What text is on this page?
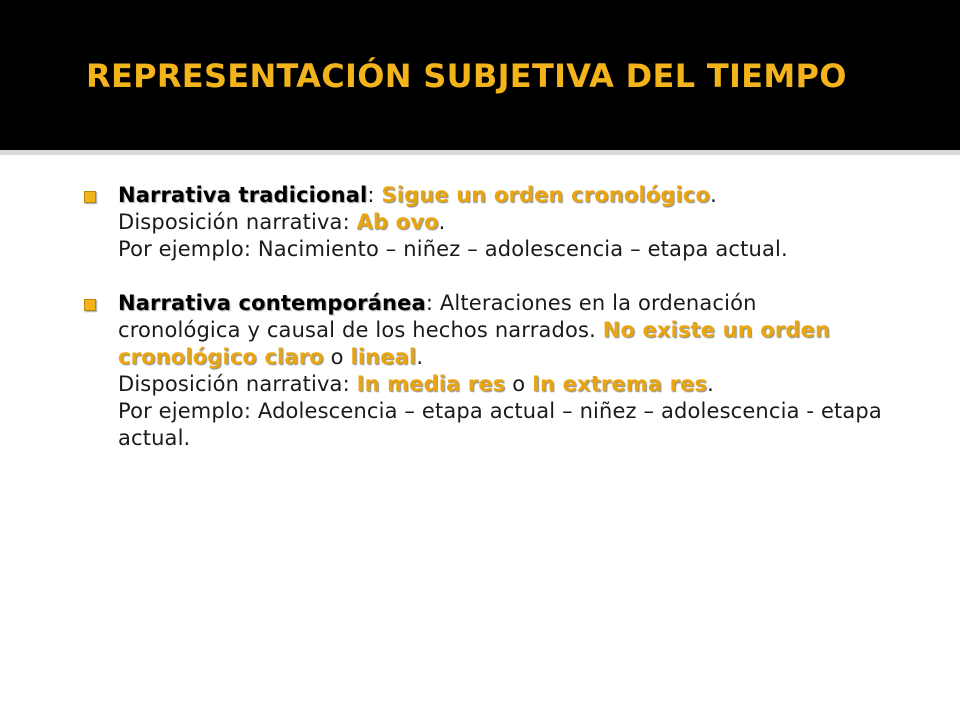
REPRESENTACIÓN SUBJETIVA DEL TIEMPO
Narrativa tradicional: Sigue un orden cronológico.
Disposición narrativa: Ab ovo.
Por ejemplo: Nacimiento – niñez – adolescencia – etapa actual.
Narrativa contemporánea: Alteraciones en la ordenación cronológica y causal de los hechos narrados. No existe un orden cronológico claro o lineal.
Disposición narrativa: In media res o In extrema res.
Por ejemplo: Adolescencia – etapa actual – niñez – adolescencia - etapa actual.
